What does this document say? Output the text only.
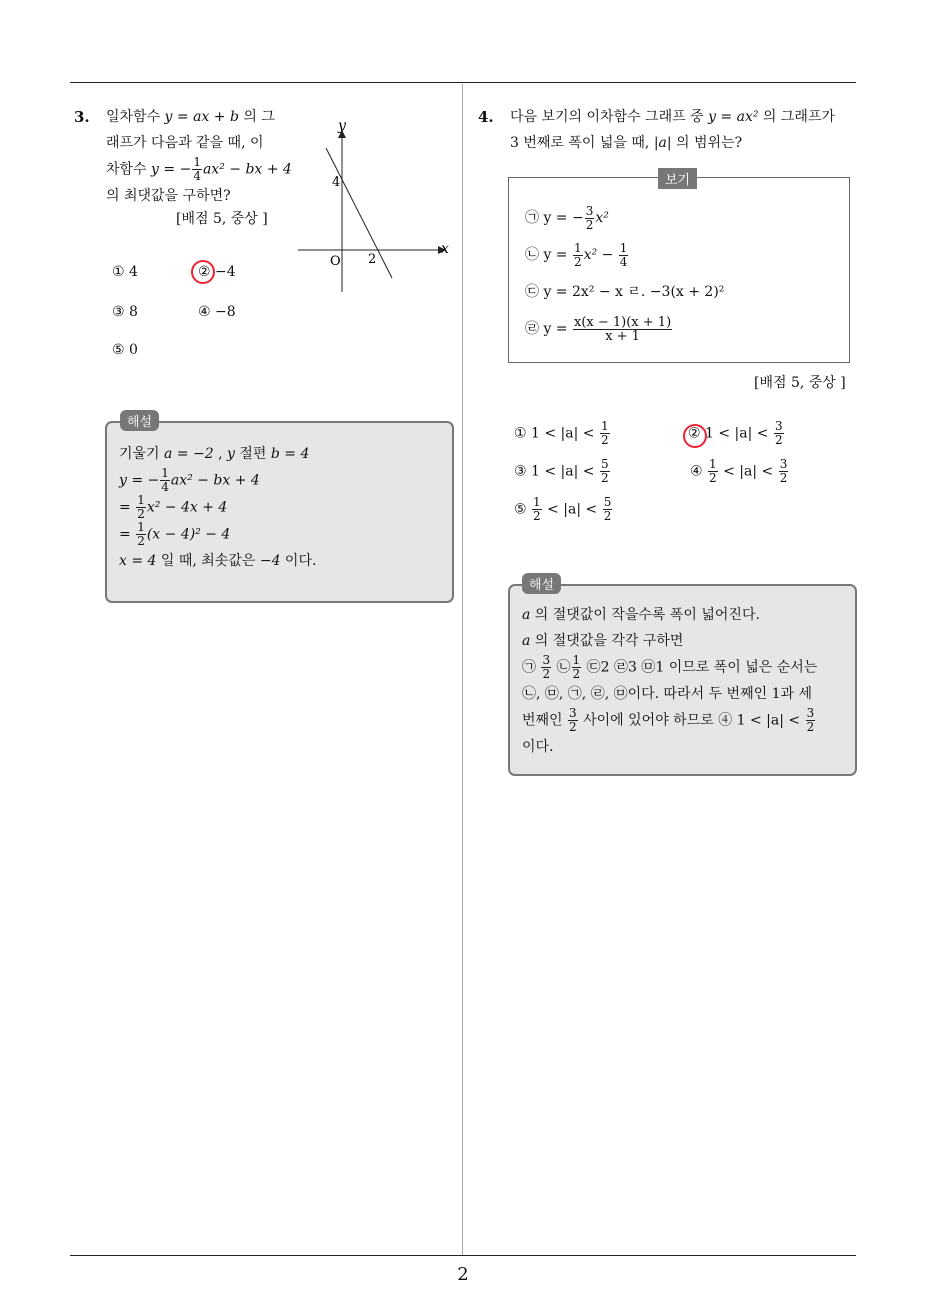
2
3. 일차함수 y = ax + b 의 그
래프가 다음과 같을 때, 이
차함수 y = − $\frac{1}{4} ax^2$ − bx + 4
의 최댓값을 구하면?
[배점 5, 중상 ]
x
y
O
4
2
① 4	② −4
③ 8	④ −8
⑤ 0
기울기 a = −2 , y 절편 b = 4
y = − $\frac{1}{4} ax^2$ − bx + 4
= $\frac{1}{2} x^2 - 4x + 4$
= $\frac{1}{2} (x - 4)^2 - 4$
x = 4 일 때, 최솟값은 −4 이다.
해설
4. 다음 보기의 이차함수 그래프 중 y = ax² 의 그래프가
3 번째로 폭이 넓을 때, |a| 의 범위는?
㉠ y = − $\frac{3}{2} x^2$
㉡ $y = \frac{1}{2} x^2 - \frac{1}{4}$
㉢ y = 2x² − x ㄹ. −3(x + 2)²
㉣ $y = \frac{x(x - 1)(x + 1)}{x + 1}$
보기
[배점 5, 중상 ]
① $1 < |a| < \frac{1}{2}$	② $1 < |a| < \frac{3}{2}$
③ $1 < |a| < \frac{5}{2}$	④ $\frac{1}{2} < |a| < \frac{3}{2}$
⑤ $\frac{1}{2} < |a| < \frac{5}{2}$
a 의 절댓값이 작을수록 폭이 넓어진다.
a 의 절댓값을 각각 구하면
㉠ $\frac{3}{2}$ ㉡ $\frac{1}{2}$ ㉢2 ㉣3 ㉤1 이므로 폭이 넓은 순서는
㉡, ㉤, ㉠, ㉣, ㉤이다. 따라서 두 번째인 1과 세
번째인 $\frac{3}{2}$ 사이에 있어야 하므로 ④ $1 < |a| < \frac{3}{2}$
이다.
해설
